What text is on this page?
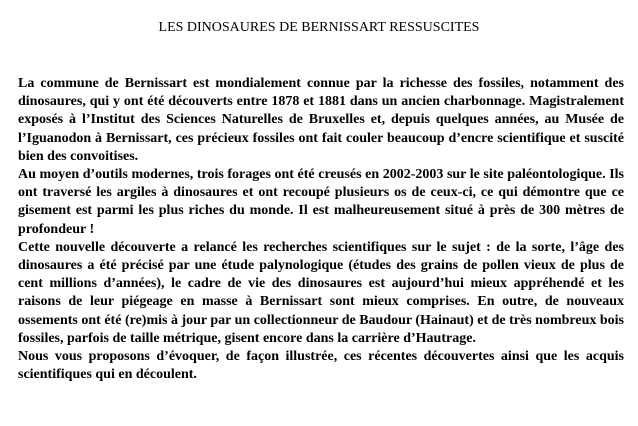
LES DINOSAURES DE BERNISSART RESSUSCITES

La commune de Bernissart est mondialement connue par la richesse des fossiles, notamment des dinosaures, qui y ont été découverts entre 1878 et 1881 dans un ancien charbonnage. Magistralement exposés à l’Institut des Sciences Naturelles de Bruxelles et, depuis quelques années, au Musée de l’Iguanodon à Bernissart, ces précieux fossiles ont fait couler beaucoup d’encre scientifique et suscité bien des convoitises.

Au moyen d’outils modernes, trois forages ont été creusés en 2002-2003 sur le site paléontologique. Ils ont traversé les argiles à dinosaures et ont recoupé plusieurs os de ceux-ci, ce qui démontre que ce gisement est parmi les plus riches du monde. Il est malheureusement situé à près de 300 mètres de profondeur !

Cette nouvelle découverte a relancé les recherches scientifiques sur le sujet : de la sorte, l’âge des dinosaures a été précisé par une étude palynologique (études des grains de pollen vieux de plus de cent millions d’années), le cadre de vie des dinosaures est aujourd’hui mieux appréhendé et les raisons de leur piégeage en masse à Bernissart sont mieux comprises. En outre, de nouveaux ossements ont été (re)mis à jour par un collectionneur de Baudour (Hainaut) et de très nombreux bois fossiles, parfois de taille métrique, gisent encore dans la carrière d’Hautrage.

Nous vous proposons d’évoquer, de façon illustrée, ces récentes découvertes ainsi que les acquis scientifiques qui en découlent.
